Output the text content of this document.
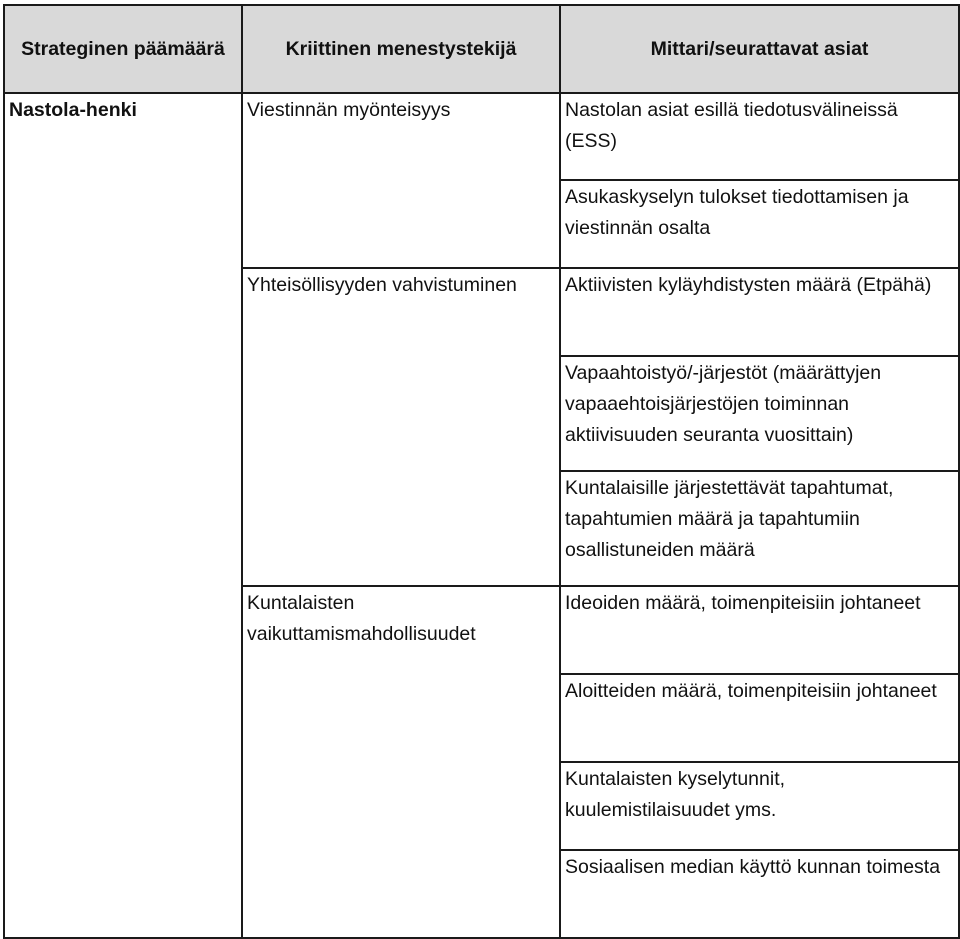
Strateginen päämäärä	Kriittinen menestystekijä	Mittari/seurattavat asiat

Nastola-henki	Viestinnän myönteisyys	Nastolan asiat esillä tiedotusvälineissä (ESS)

		Asukaskyselyn tulokset tiedottamisen ja viestinnän osalta

	Yhteisöllisyyden vahvistuminen	Aktiivisten kyläyhdistysten määrä (Etpähä)

		Vapaahtoistyö/-järjestöt (määrättyjen vapaaehtoisjärjestöjen toiminnan aktiivisuuden seuranta vuosittain)

		Kuntalaisille järjestettävät tapahtumat, tapahtumien määrä ja tapahtumiin osallistuneiden määrä

	Kuntalaisten vaikuttamismahdollisuudet	Ideoiden määrä, toimenpiteisiin johtaneet

		Aloitteiden määrä, toimenpiteisiin johtaneet

		Kuntalaisten kyselytunnit, kuulemistilaisuudet yms.

		Sosiaalisen median käyttö kunnan toimesta
